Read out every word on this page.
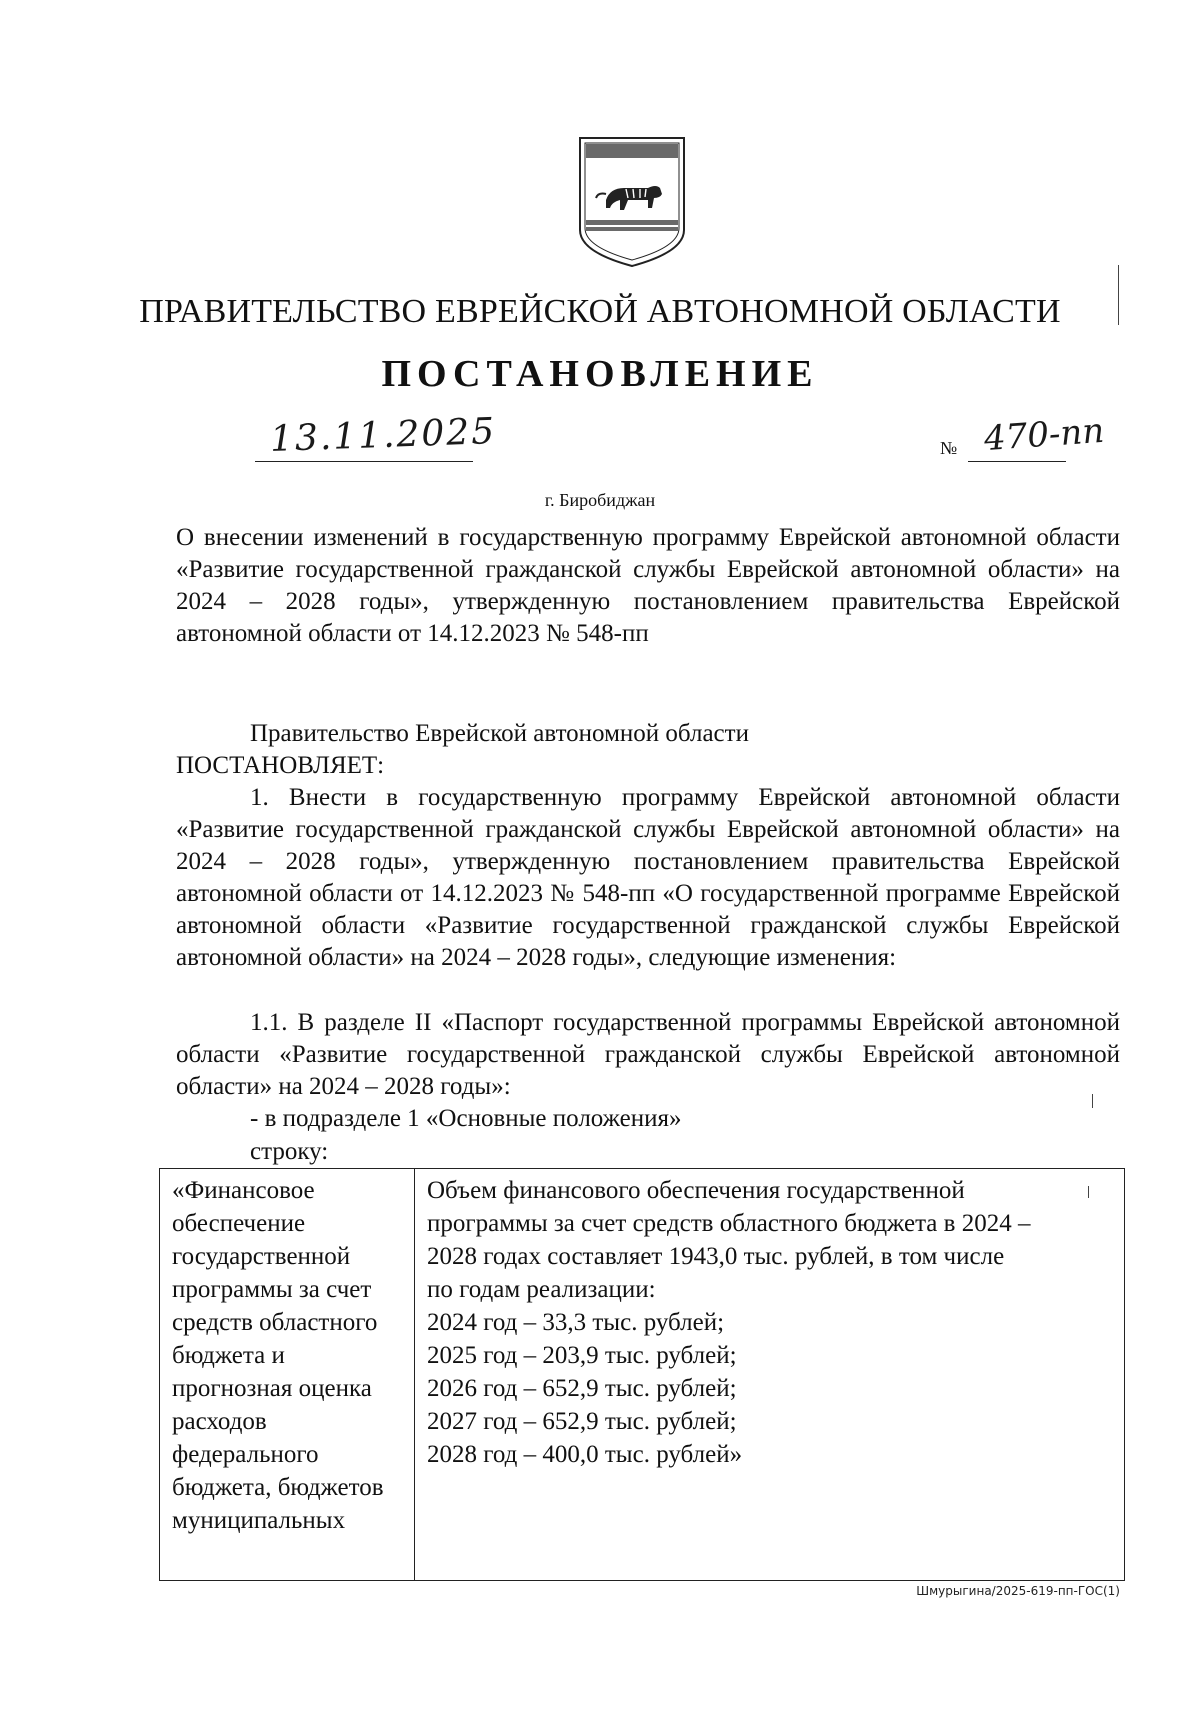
ПРАВИТЕЛЬСТВО ЕВРЕЙСКОЙ АВТОНОМНОЙ ОБЛАСТИ
ПОСТАНОВЛЕНИЕ
13.11.2025	№ 470-пп
г. Биробиджан
О внесении изменений в государственную программу Еврейской автономной области «Развитие государственной гражданской службы Еврейской автономной области» на 2024 – 2028 годы», утвержденную постановлением правительства Еврейской автономной области от 14.12.2023 № 548-пп
Правительство Еврейской автономной области
ПОСТАНОВЛЯЕТ:
1. Внести в государственную программу Еврейской автономной области «Развитие государственной гражданской службы Еврейской автономной области» на 2024 – 2028 годы», утвержденную постановлением правительства Еврейской автономной области от 14.12.2023 № 548-пп «О государственной программе Еврейской автономной области «Развитие государственной гражданской службы Еврейской автономной области» на 2024 – 2028 годы», следующие изменения:
1.1. В разделе II «Паспорт государственной программы Еврейской автономной области «Развитие государственной гражданской службы Еврейской автономной области» на 2024 – 2028 годы»:
- в подразделе 1 «Основные положения»
строку:
«Финансовое обеспечение государственной программы за счет средств областного бюджета и прогнозная оценка расходов федерального бюджета, бюджетов муниципальных
Объем финансового обеспечения государственной
программы за счет средств областного бюджета в 2024 –
2028 годах составляет 1943,0 тыс. рублей, в том числе
по годам реализации:
2024 год – 33,3 тыс. рублей;
2025 год – 203,9 тыс. рублей;
2026 год – 652,9 тыс. рублей;
2027 год – 652,9 тыс. рублей;
2028 год – 400,0 тыс. рублей»
Шмурыгина/2025-619-пп-ГОС(1)
